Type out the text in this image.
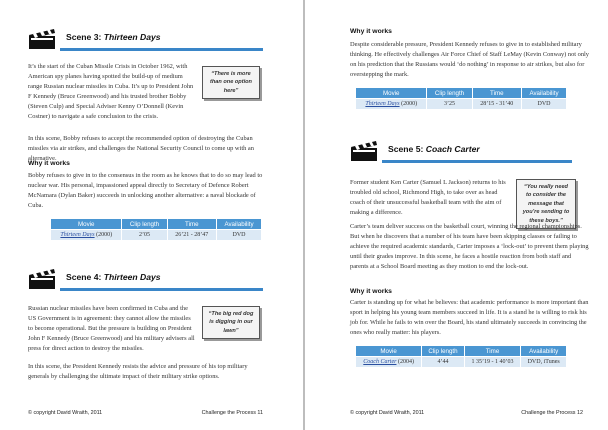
Scene 3: Thirteen Days
It’s the start of the Cuban Missile Crisis in October 1962, with American spy planes having spotted the build-up of medium range Russian nuclear missiles in Cuba. It’s up to President John F Kennedy (Bruce Greenwood) and his trusted brother Bobby (Steven Culp) and Special Adviser Kenny O’Donnell (Kevin Costner) to navigate a safe conclusion to the crisis.
“There is more than one option here”
In this scene, Bobby refuses to accept the recommended option of destroying the Cuban missiles via air strikes, and challenges the National Security Council to come up with an alternative.
Why it works
Bobby refuses to give in to the consensus in the room as he knows that to do so may lead to nuclear war. His personal, impassioned appeal directly to Secretary of Defence Robert McNamara (Dylan Baker) succeeds in unlocking another alternative: a naval blockade of Cuba.
Movie	Clip length	Time	Availability
Thirteen Days (2000)	2’05	26’21 - 28’47	DVD
Scene 4: Thirteen Days
Russian nuclear missiles have been confirmed in Cuba and the US Government is in agreement: they cannot allow the missiles to become operational. But the pressure is building on President John F Kennedy (Bruce Greenwood) and his military advisers all press for direct action to destroy the missiles.
“The big red dog is digging in our lawn”
In this scene, the President Kennedy resists the advice and pressure of his top military generals by challenging the ultimate impact of their military strike options.
© copyright David Wraith, 2011	Challenge the Process 11
Why it works
Despite considerable pressure, President Kennedy refuses to give in to established military thinking. He effectively challenges Air Force Chief of Staff LeMay (Kevin Conway) not only on his prediction that the Russians would ‘do nothing’ in response to air strikes, but also for overstepping the mark.
Movie	Clip length	Time	Availability
Thirteen Days (2000)	3’25	28’15 - 31’40	DVD
Scene 5: Coach Carter
Former student Ken Carter (Samuel L Jackson) returns to his troubled old school, Richmond High, to take over as head coach of their unsuccessful basketball team with the aim of making a difference.
“You really need to consider the message that you’re sending to these boys.”
Carter’s team deliver success on the basketball court, winning the regional championships. But when he discovers that a number of his team have been skipping classes or failing to achieve the required academic standards, Carter imposes a ‘lock-out’ to prevent them playing until their grades improve. In this scene, he faces a hostile reaction from both staff and parents at a School Board meeting as they motion to end the lock-out.
Why it works
Carter is standing up for what he believes: that academic performance is more important than sport in helping his young team members succeed in life. It is a stand he is willing to risk his job for. While he fails to win over the Board, his stand ultimately succeeds in convincing the ones who really matter: his players.
Movie	Clip length	Time	Availability
Coach Carter (2004)	4’44	1 35’19 - 1 40’03	DVD, iTunes
© copyright David Wraith, 2011	Challenge the Process 12
